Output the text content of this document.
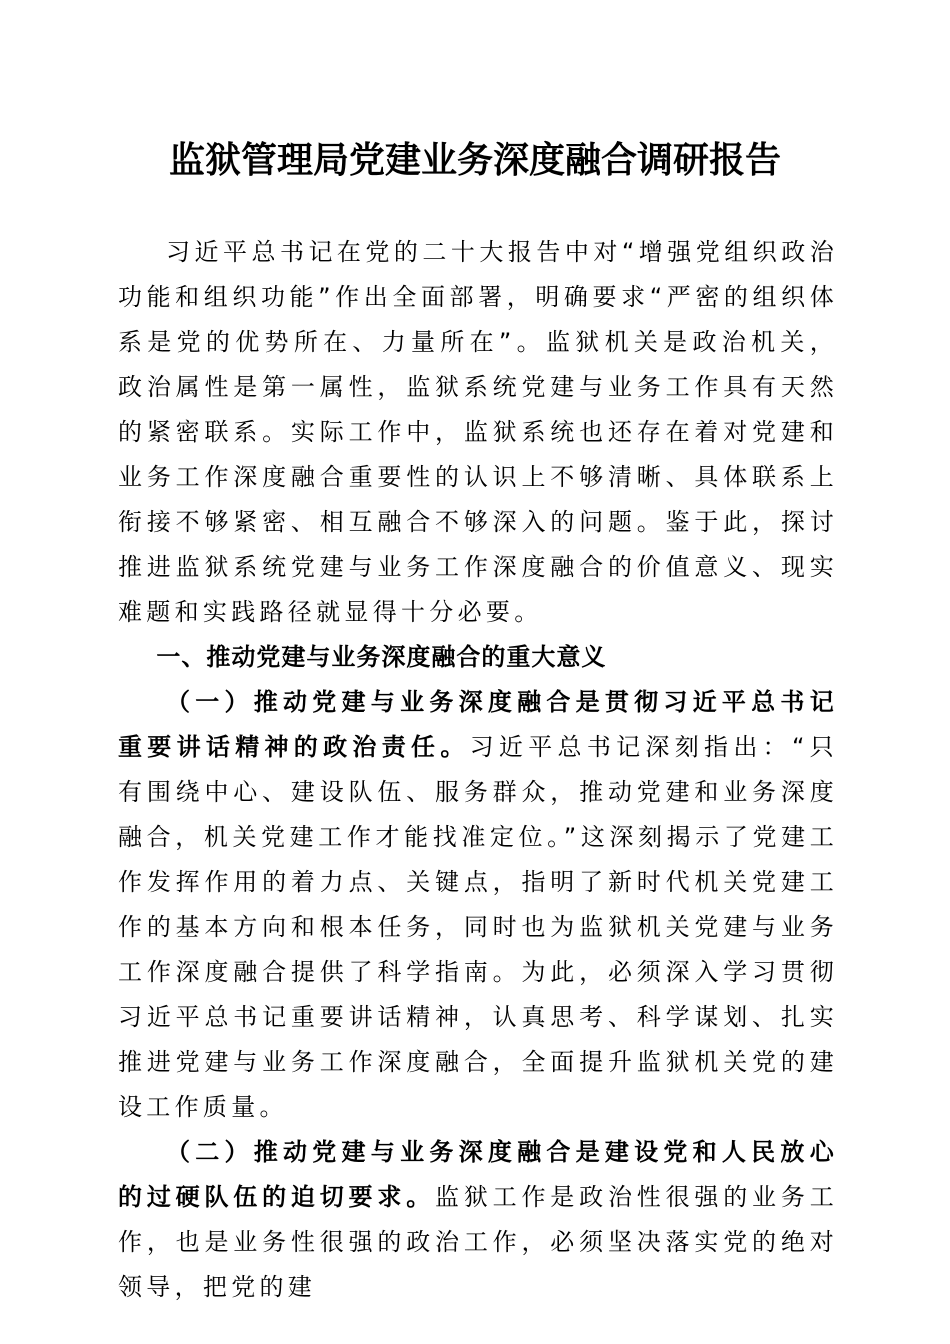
监狱管理局党建业务深度融合调研报告

习近平总书记在党的二十大报告中对“增强党组织政治功能和组织功能”作出全面部署，明确要求“严密的组织体系是党的优势所在、力量所在”。监狱机关是政治机关，政治属性是第一属性，监狱系统党建与业务工作具有天然的紧密联系。实际工作中，监狱系统也还存在着对党建和业务工作深度融合重要性的认识上不够清晰、具体联系上衔接不够紧密、相互融合不够深入的问题。鉴于此，探讨推进监狱系统党建与业务工作深度融合的价值意义、现实难题和实践路径就显得十分必要。

一、推动党建与业务深度融合的重大意义

（一）推动党建与业务深度融合是贯彻习近平总书记重要讲话精神的政治责任。习近平总书记深刻指出：“只有围绕中心、建设队伍、服务群众，推动党建和业务深度融合，机关党建工作才能找准定位。”这深刻揭示了党建工作发挥作用的着力点、关键点，指明了新时代机关党建工作的基本方向和根本任务，同时也为监狱机关党建与业务工作深度融合提供了科学指南。为此，必须深入学习贯彻习近平总书记重要讲话精神，认真思考、科学谋划、扎实推进党建与业务工作深度融合，全面提升监狱机关党的建设工作质量。

（二）推动党建与业务深度融合是建设党和人民放心的过硬队伍的迫切要求。监狱工作是政治性很强的业务工作，也是业务性很强的政治工作，必须坚决落实党的绝对领导，把党的建
